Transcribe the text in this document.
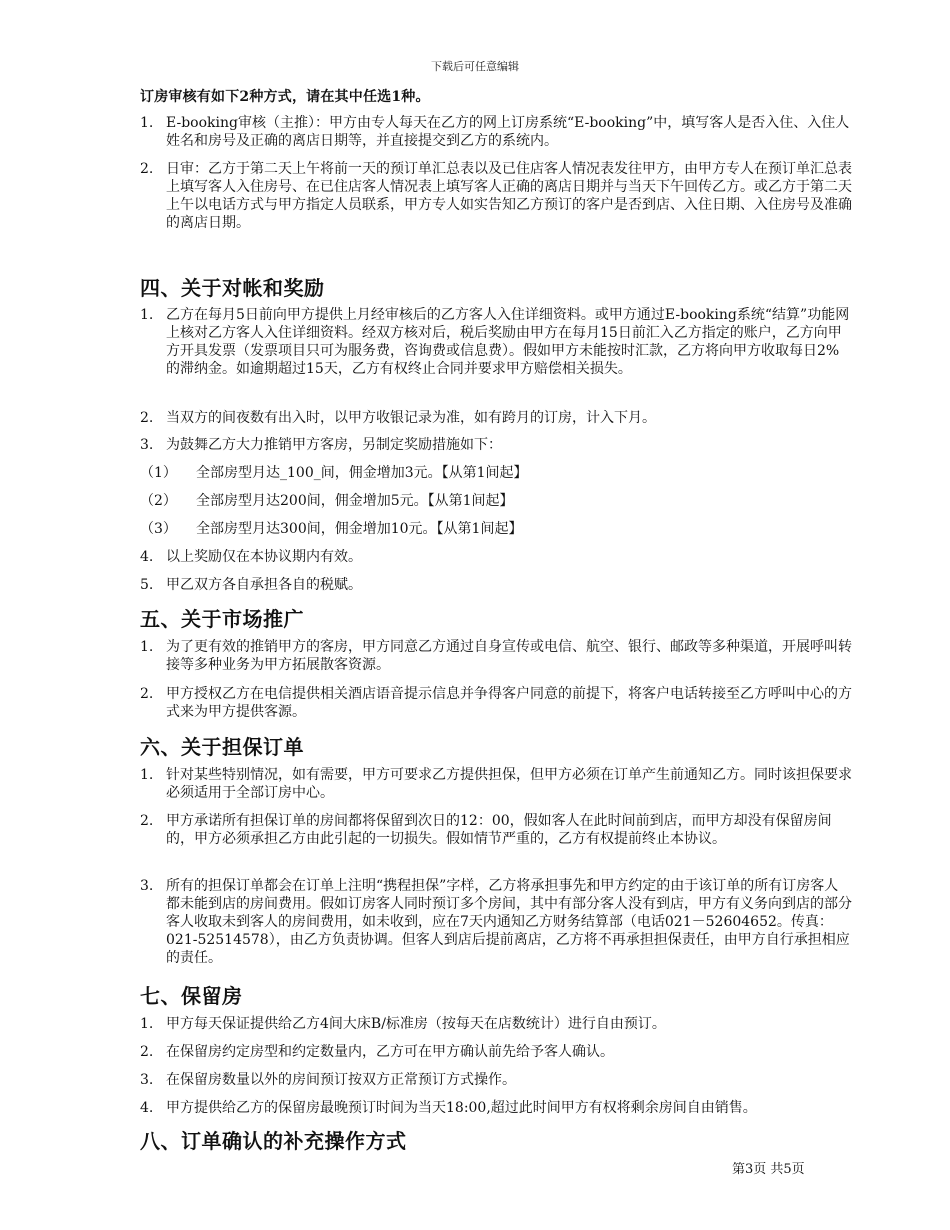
下载后可任意编辑
订房审核有如下2种方式，请在其中任选1种。
1. E-booking审核（主推）：甲方由专人每天在乙方的网上订房系统“E-booking”中，填写客人是否入住、入住人姓名和房号及正确的离店日期等，并直接提交到乙方的系统内。
2. 日审：乙方于第二天上午将前一天的预订单汇总表以及已住店客人情况表发往甲方，由甲方专人在预订单汇总表上填写客人入住房号、在已住店客人情况表上填写客人正确的离店日期并与当天下午回传乙方。或乙方于第二天上午以电话方式与甲方指定人员联系，甲方专人如实告知乙方预订的客户是否到店、入住日期、入住房号及准确的离店日期。
四、关于对帐和奖励
1. 乙方在每月5日前向甲方提供上月经审核后的乙方客人入住详细资料。或甲方通过E-booking系统“结算”功能网上核对乙方客人入住详细资料。经双方核对后，税后奖励由甲方在每月15日前汇入乙方指定的账户，乙方向甲方开具发票（发票项目只可为服务费，咨询费或信息费）。假如甲方未能按时汇款，乙方将向甲方收取每日2%的滞纳金。如逾期超过15天，乙方有权终止合同并要求甲方赔偿相关损失。
2. 当双方的间夜数有出入时，以甲方收银记录为准，如有跨月的订房，计入下月。
3. 为鼓舞乙方大力推销甲方客房，另制定奖励措施如下：
（1） 全部房型月达_100_间，佣金增加3元。【从第1间起】
（2） 全部房型月达200间，佣金增加5元。【从第1间起】
（3） 全部房型月达300间，佣金增加10元。【从第1间起】
4. 以上奖励仅在本协议期内有效。
5. 甲乙双方各自承担各自的税赋。
五、关于市场推广
1. 为了更有效的推销甲方的客房，甲方同意乙方通过自身宣传或电信、航空、银行、邮政等多种渠道，开展呼叫转接等多种业务为甲方拓展散客资源。
2. 甲方授权乙方在电信提供相关酒店语音提示信息并争得客户同意的前提下，将客户电话转接至乙方呼叫中心的方式来为甲方提供客源。
六、关于担保订单
1. 针对某些特别情况，如有需要，甲方可要求乙方提供担保，但甲方必须在订单产生前通知乙方。同时该担保要求必须适用于全部订房中心。
2. 甲方承诺所有担保订单的房间都将保留到次日的12：00，假如客人在此时间前到店，而甲方却没有保留房间的，甲方必须承担乙方由此引起的一切损失。假如情节严重的，乙方有权提前终止本协议。
3. 所有的担保订单都会在订单上注明“携程担保”字样，乙方将承担事先和甲方约定的由于该订单的所有订房客人都未能到店的房间费用。假如订房客人同时预订多个房间，其中有部分客人没有到店，甲方有义务向到店的部分客人收取未到客人的房间费用，如未收到，应在7天内通知乙方财务结算部（电话021－52604652。传真：021-52514578），由乙方负责协调。但客人到店后提前离店，乙方将不再承担担保责任，由甲方自行承担相应的责任。
七、保留房
1. 甲方每天保证提供给乙方4间大床B/标准房（按每天在店数统计）进行自由预订。
2. 在保留房约定房型和约定数量内，乙方可在甲方确认前先给予客人确认。
3. 在保留房数量以外的房间预订按双方正常预订方式操作。
4. 甲方提供给乙方的保留房最晚预订时间为当天18:00,超过此时间甲方有权将剩余房间自由销售。
八、订单确认的补充操作方式
第3页 共5页
